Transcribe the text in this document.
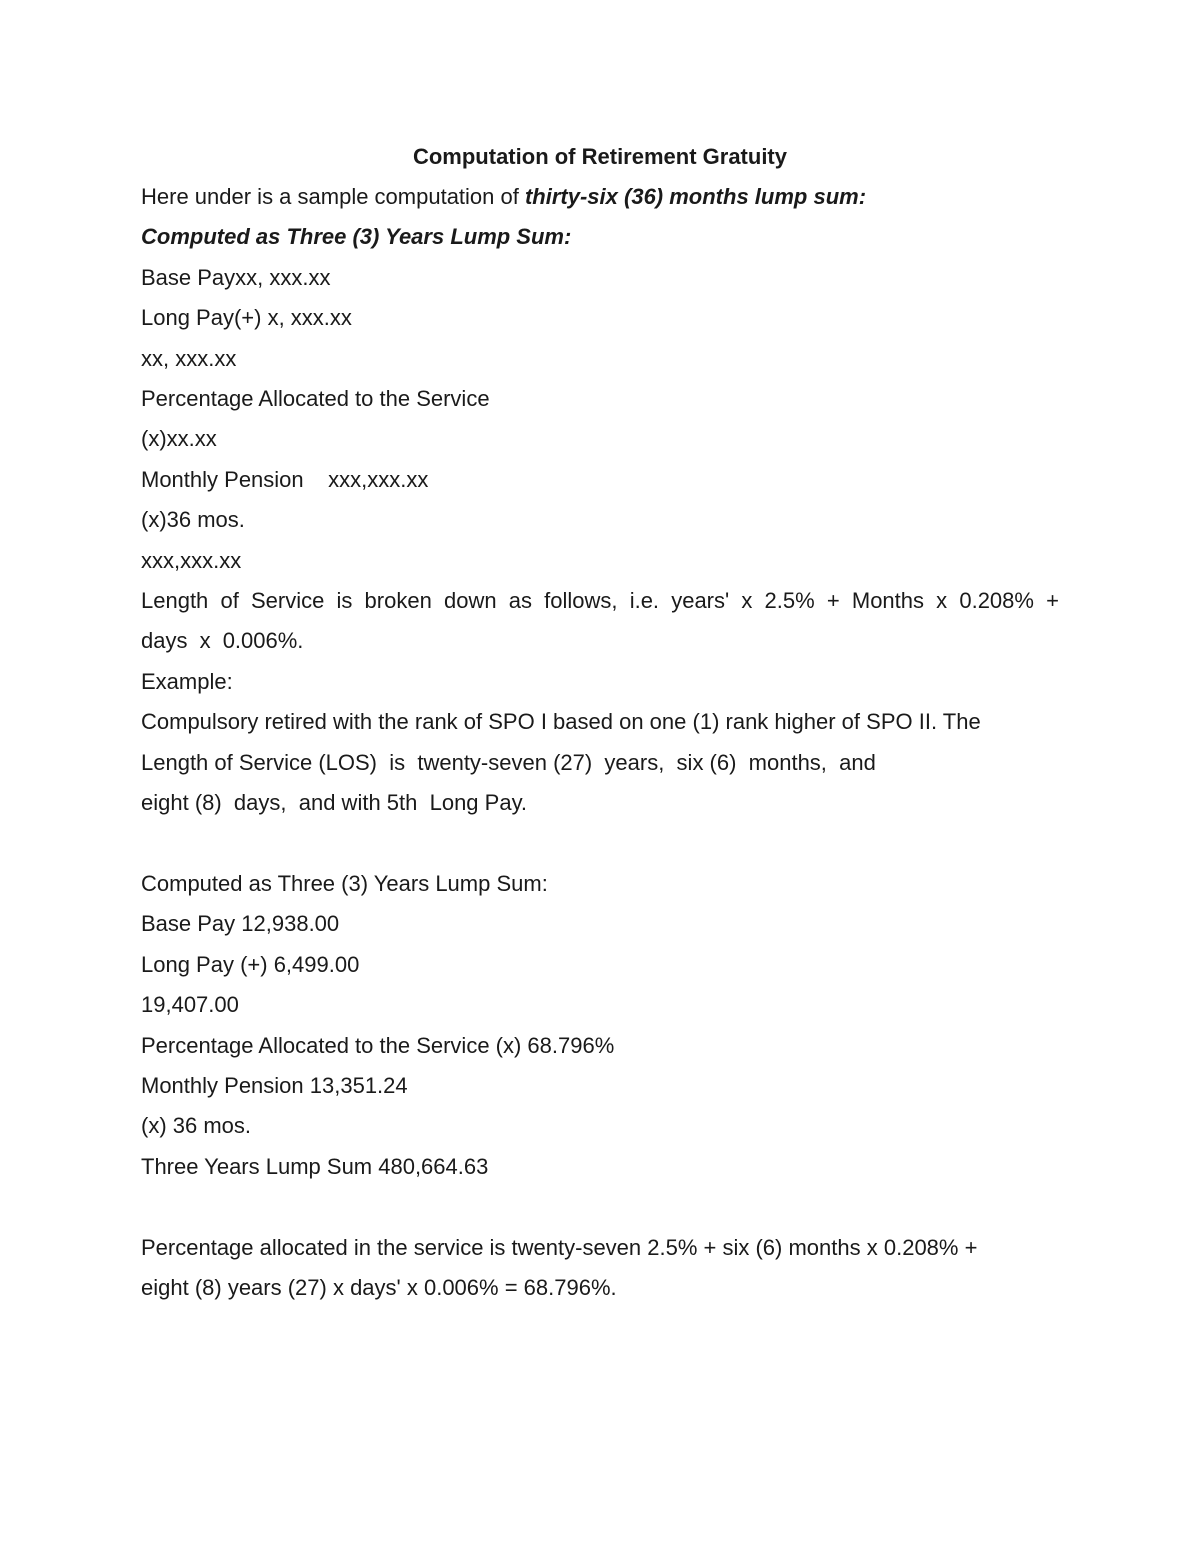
Computation of Retirement Gratuity

Here under is a sample computation of thirty-six (36) months lump sum:

Computed as Three (3) Years Lump Sum:

Base Payxx, xxx.xx

Long Pay(+) x, xxx.xx

xx, xxx.xx

Percentage Allocated to the Service

(x)xx.xx

Monthly Pension    xxx,xxx.xx

(x)36 mos.

xxx,xxx.xx

Length of Service is broken down as follows, i.e. years' x 2.5% + Months x 0.208% + days x 0.006%.

Example:

Compulsory retired with the rank of SPO I based on one (1) rank higher of SPO II. The

Length of Service (LOS)  is  twenty-seven (27)  years,  six (6)  months,  and

eight (8)  days,  and with 5th  Long Pay.

Computed as Three (3) Years Lump Sum:

Base Pay 12,938.00

Long Pay (+) 6,499.00

19,407.00

Percentage Allocated to the Service (x) 68.796%

Monthly Pension 13,351.24

(x) 36 mos.

Three Years Lump Sum 480,664.63

Percentage allocated in the service is twenty-seven 2.5% + six (6) months x 0.208% +

eight (8) years (27) x days' x 0.006% = 68.796%.
